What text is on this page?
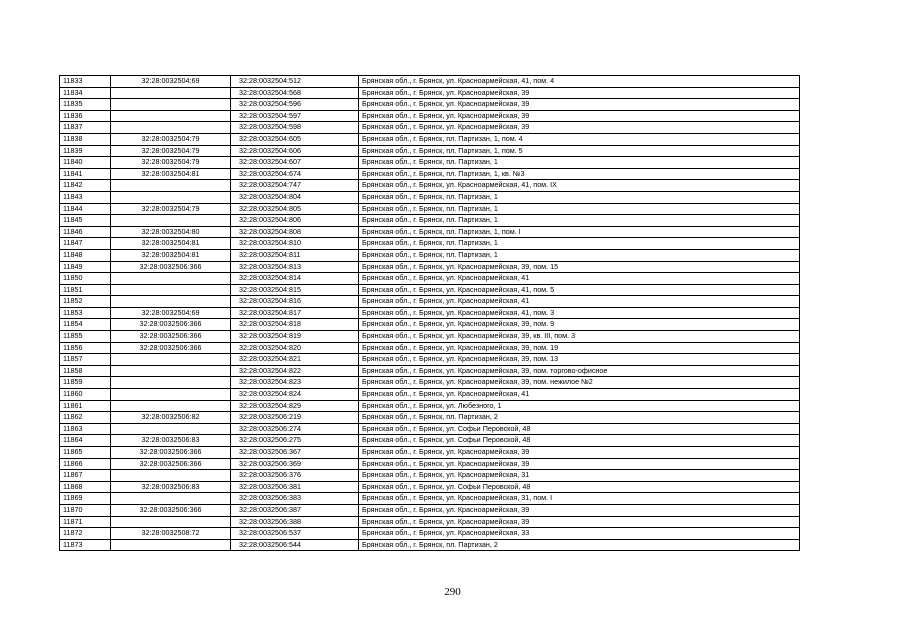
11833	32:28:0032504:69	32:28:0032504:512	Брянская обл., г. Брянск, ул. Красноармейская, 41, пом. 4
11834		32:28:0032504:568	Брянская обл., г. Брянск, ул. Красноармейская, 39
11835		32:28:0032504:596	Брянская обл., г. Брянск, ул. Красноармейская, 39
11836		32:28:0032504:597	Брянская обл., г. Брянск, ул. Красноармейская, 39
11837		32:28:0032504:598	Брянская обл., г. Брянск, ул. Красноармейская, 39
11838	32:28:0032504:79	32:28:0032504:605	Брянская обл., г. Брянск, пл. Партизан, 1, пом. 4
11839	32:28:0032504:79	32:28:0032504:606	Брянская обл., г. Брянск, пл. Партизан, 1, пом. 5
11840	32:28:0032504:79	32:28:0032504:607	Брянская обл., г. Брянск, пл. Партизан, 1
11841	32:28:0032504:81	32:28:0032504:674	Брянская обл., г. Брянск, пл. Партизан, 1, кв. №3
11842		32:28:0032504:747	Брянская обл., г. Брянск, ул. Красноармейская, 41, пом. IX
11843		32:28:0032504:804	Брянская обл., г. Брянск, пл. Партизан, 1
11844	32:28:0032504:79	32:28:0032504:805	Брянская обл., г. Брянск, пл. Партизан, 1
11845		32:28:0032504:806	Брянская обл., г. Брянск, пл. Партизан, 1
11846	32:28:0032504:80	32:28:0032504:808	Брянская обл., г. Брянск, пл. Партизан, 1, пом. I
11847	32:28:0032504:81	32:28:0032504:810	Брянская обл., г. Брянск, пл. Партизан, 1
11848	32:28:0032504:81	32:28:0032504:811	Брянская обл., г. Брянск, пл. Партизан, 1
11849	32:28:0032506:366	32:28:0032504:813	Брянская обл., г. Брянск, ул. Красноармейская, 39, пом. 15
11850		32:28:0032504:814	Брянская обл., г. Брянск, ул. Красноармейская, 41
11851		32:28:0032504:815	Брянская обл., г. Брянск, ул. Красноармейская, 41, пом. 5
11852		32:28:0032504:816	Брянская обл., г. Брянск, ул. Красноармейская, 41
11853	32:28:0032504:69	32:28:0032504:817	Брянская обл., г. Брянск, ул. Красноармейская, 41, пом. 3
11854	32:28:0032506:366	32:28:0032504:818	Брянская обл., г. Брянск, ул. Красноармейская, 39, пом. 9
11855	32:28:0032506:366	32:28:0032504:819	Брянская обл., г. Брянск, ул. Красноармейская, 39, кв. III, пом. 3
11856	32:28:0032506:366	32:28:0032504:820	Брянская обл., г. Брянск, ул. Красноармейская, 39, пом. 19
11857		32:28:0032504:821	Брянская обл., г. Брянск, ул. Красноармейская, 39, пом. 13
11858		32:28:0032504:822	Брянская обл., г. Брянск, ул. Красноармейская, 39, пом. торгово-офисное
11859		32:28:0032504:823	Брянская обл., г. Брянск, ул. Красноармейская, 39, пом. нежилое №2
11860		32:28:0032504:824	Брянская обл., г. Брянск, ул. Красноармейская, 41
11861		32:28:0032504:829	Брянская обл., г. Брянск, ул. Любезного, 1
11862	32:28:0032506:82	32:28:0032506:219	Брянская обл., г. Брянск, пл. Партизан, 2
11863		32:28:0032506:274	Брянская обл., г. Брянск, ул. Софьи Перовской, 48
11864	32:28:0032506:83	32:28:0032506:275	Брянская обл., г. Брянск, ул. Софьи Перовской, 48
11865	32:28:0032506:366	32:28:0032506:367	Брянская обл., г. Брянск, ул. Красноармейская, 39
11866	32:28:0032506:366	32:28:0032506:369	Брянская обл., г. Брянск, ул. Красноармейская, 39
11867		32:28:0032506:376	Брянская обл., г. Брянск, ул. Красноармейская, 31
11868	32:28:0032506:83	32:28:0032506:381	Брянская обл., г. Брянск, ул. Софьи Перовской, 48
11869		32:28:0032506:383	Брянская обл., г. Брянск, ул. Красноармейская, 31, пом. I
11870	32:28:0032506:366	32:28:0032506:387	Брянская обл., г. Брянск, ул. Красноармейская, 39
11871		32:28:0032506:388	Брянская обл., г. Брянск, ул. Красноармейская, 39
11872	32:28:0032508:72	32:28:0032506:537	Брянская обл., г. Брянск, ул. Красноармейская, 33
11873		32:28:0032506:544	Брянская обл., г. Брянск, пл. Партизан, 2
290
